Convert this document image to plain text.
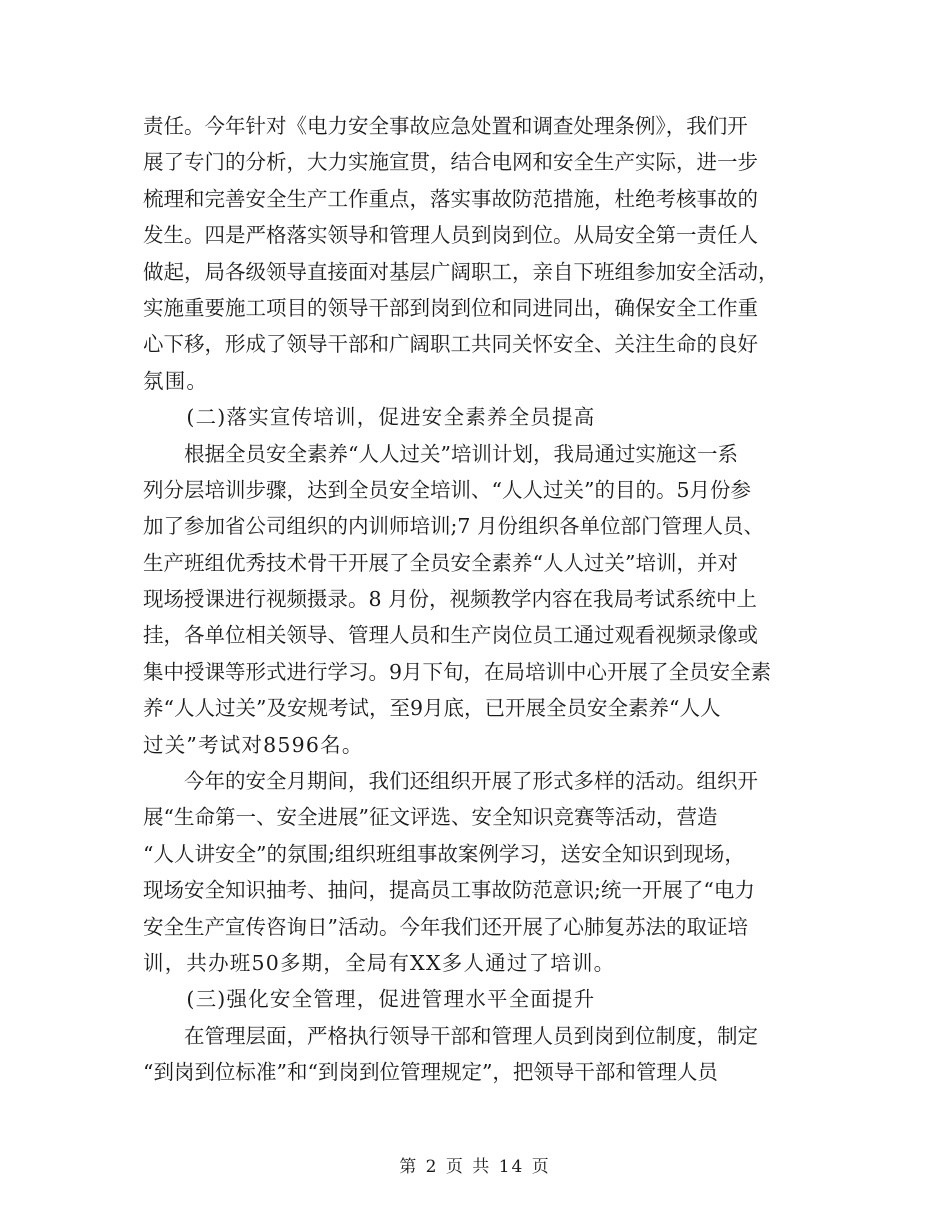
责任。今年针对《电力安全事故应急处置和调查处理条例》，我们开
展了专门的分析，大力实施宣贯，结合电网和安全生产实际，进一步
梳理和完善安全生产工作重点，落实事故防范措施，杜绝考核事故的
发生。四是严格落实领导和管理人员到岗到位。从局安全第一责任人
做起，局各级领导直接面对基层广阔职工，亲自下班组参加安全活动，
实施重要施工项目的领导干部到岗到位和同进同出，确保安全工作重
心下移，形成了领导干部和广阔职工共同关怀安全、关注生命的良好
氛围。
　　(二)落实宣传培训，促进安全素养全员提高
　　根据全员安全素养“人人过关”培训计划，我局通过实施这一系
列分层培训步骤，达到全员安全培训、“人人过关”的目的。5月份参
加了参加省公司组织的内训师培训;7 月份组织各单位部门管理人员、
生产班组优秀技术骨干开展了全员安全素养“人人过关”培训，并对
现场授课进行视频摄录。8 月份，视频教学内容在我局考试系统中上
挂，各单位相关领导、管理人员和生产岗位员工通过观看视频录像或
集中授课等形式进行学习。9月下旬，在局培训中心开展了全员安全素
养“人人过关”及安规考试，至9月底，已开展全员安全素养“人人
过关”考试对8596名。
　　今年的安全月期间，我们还组织开展了形式多样的活动。组织开
展“生命第一、安全进展”征文评选、安全知识竞赛等活动，营造
“人人讲安全”的氛围;组织班组事故案例学习，送安全知识到现场，
现场安全知识抽考、抽问，提高员工事故防范意识;统一开展了“电力
安全生产宣传咨询日”活动。今年我们还开展了心肺复苏法的取证培
训，共办班50多期，全局有XX多人通过了培训。
　　(三)强化安全管理，促进管理水平全面提升
　　在管理层面，严格执行领导干部和管理人员到岗到位制度，制定
“到岗到位标准”和“到岗到位管理规定”，把领导干部和管理人员
第 2 页 共 14 页
